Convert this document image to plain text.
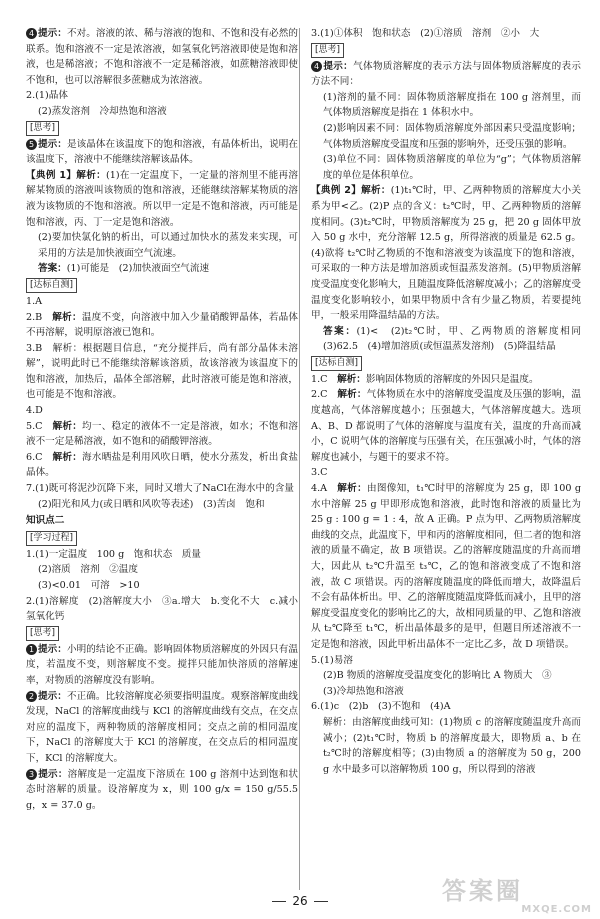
4 提示：不对。溶液的浓、稀与溶液的饱和、不饱和没有必然的联系。饱和溶液不一定是浓溶液，如氢氧化钙溶液即使是饱和溶液，也是稀溶液；不饱和溶液不一定是稀溶液，如蔗糖溶液即使不饱和，也可以溶解很多蔗糖成为浓溶液。
2.(1)晶体
(2)蒸发溶剂　冷却热饱和溶液
[思考]
5 提示：是该晶体在该温度下的饱和溶液，有晶体析出，说明在该温度下，溶液中不能继续溶解该晶体。
【典例 1】解析：(1)在一定温度下，一定量的溶剂里不能再溶解某物质的溶液叫该物质的饱和溶液，还能继续溶解某物质的溶液为该物质的不饱和溶液。所以甲一定是不饱和溶液，丙可能是饱和溶液，丙、丁一定是饱和溶液。
(2)要加快氯化钠的析出，可以通过加快水的蒸发来实现，可采用的方法是加快液面空气流速。
答案：(1)可能是　(2)加快液面空气流速
[达标自测]
1.A
2.B　解析：温度不变，向溶液中加入少量硝酸钾晶体，若晶体不再溶解，说明原溶液已饱和。
3.B　解析：根据题目信息，“充分搅拌后，尚有部分晶体未溶解”，说明此时已不能继续溶解该溶质，故该溶液为该温度下的饱和溶液，加热后，晶体全部溶解，此时溶液可能是饱和溶液，也可能是不饱和溶液。
4.D
5.C　解析：均一、稳定的液体不一定是溶液，如水；不饱和溶液不一定是稀溶液，如不饱和的硝酸钾溶液。
6.C　解析：海水晒盐是利用风吹日晒，使水分蒸发，析出食盐晶体。
7.(1)既可将泥沙沉降下来，同时又增大了NaCl在海水中的含量
(2)阳光和风力(或日晒和风吹等表述)　(3)苦卤　饱和
知识点二
[学习过程]
1.(1)一定温度　100 g　饱和状态　质量
(2)溶质　溶剂　②温度
(3)<0.01　可溶　>10
2.(1)溶解度　(2)溶解度大小　③a.增大　b.变化不大　c.减小　氢氧化钙
[思考]
1 提示：小明的结论不正确。影响固体物质溶解度的外因只有温度，若温度不变，则溶解度不变。搅拌只能加快溶质的溶解速率，对物质的溶解度没有影响。
2 提示：不正确。比较溶解度必须要指明温度。观察溶解度曲线发现，NaCl 的溶解度曲线与 KCl 的溶解度曲线有交点，在交点对应的温度下，两种物质的溶解度相同；交点之前的相同温度下，NaCl 的溶解度大于 KCl 的溶解度，在交点后的相同温度下，KCl 的溶解度大。
3 提示：溶解度是一定温度下溶质在 100 g 溶剂中达到饱和状态时溶解的质量。设溶解度为 x，则 100 g/x = 150 g/55.5 g，x = 37.0 g。
3.(1)①体积　饱和状态　(2)①溶质　溶剂　②小　大
[思考]
4 提示：气体物质溶解度的表示方法与固体物质溶解度的表示方法不同：
(1)溶剂的量不同：固体物质溶解度指在 100 g 溶剂里，而气体物质溶解度是指在 1 体积水中。
(2)影响因素不同：固体物质溶解度外部因素只受温度影响；气体物质溶解度受温度和压强的影响外，还受压强的影响。
(3)单位不同：固体物质溶解度的单位为“g”；气体物质溶解度的单位是体积单位。
【典例 2】解析：(1)t₁℃时，甲、乙两种物质的溶解度大小关系为甲<乙。(2)P 点的含义：t₂℃时，甲、乙两种物质的溶解度相同。(3)t₂℃时，甲物质溶解度为 25 g，把 20 g 固体甲放入 50 g 水中，充分溶解 12.5 g，所得溶液的质量是 62.5 g。(4)欲将 t₂℃时乙物质的不饱和溶液变为该温度下的饱和溶液，可采取的一种方法是增加溶质或恒温蒸发溶剂。(5)甲物质溶解度受温度变化影响大，且随温度降低溶解度减小；乙的溶解度受温度变化影响较小，如果甲物质中含有少量乙物质，若要提纯甲，一般采用降温结晶的方法。
答案：(1)<　(2)t₂℃时，甲、乙两物质的溶解度相同　(3)62.5　(4)增加溶质(或恒温蒸发溶剂)　(5)降温结晶
[达标自测]
1.C　解析：影响固体物质的溶解度的外因只是温度。
2.C　解析：气体物质在水中的溶解度受温度及压强的影响，温度越高，气体溶解度越小；压强越大，气体溶解度越大。选项 A、B、D 都说明了气体的溶解度与温度有关，温度的升高而减小，C 说明气体的溶解度与压强有关，在压强减小时，气体的溶解度也减小，与题干的要求不符。
3.C
4.A　解析：由图像知，t₁℃时甲的溶解度为 25 g，即 100 g 水中溶解 25 g 甲即形成饱和溶液，此时饱和溶液的质量比为 25 g : 100 g = 1 : 4，故 A 正确。P 点为甲、乙两物质溶解度曲线的交点，此温度下，甲和丙的溶解度相同，但二者的饱和溶液的质量不确定，故 B 项错误。乙的溶解度随温度的升高而增大，因此从 t₂℃升温至 t₃℃，乙的饱和溶液变成了不饱和溶液，故 C 项错误。丙的溶解度随温度的降低而增大，故降温后不会有晶体析出。甲、乙的溶解度随温度降低而减小，且甲的溶解度受温度变化的影响比乙的大，故相同质量的甲、乙饱和溶液从 t₂℃降至 t₁℃，析出晶体最多的是甲，但题目所述溶液不一定是饱和溶液，因此甲析出晶体不一定比乙多，故 D 项错误。
5.(1)易溶
(2)B 物质的溶解度受温度变化的影响比 A 物质大　③
(3)冷却热饱和溶液
6.(1)c　(2)b　(3)不饱和　(4)A
解析：由溶解度曲线可知：(1)物质 c 的溶解度随温度升高而减小；(2)t₁℃时，物质 b 的溶解度最大，即物质 a、b 在 t₂℃时的溶解度相等；(3)由物质 a 的溶解度为 50 g，200 g 水中最多可以溶解物质 100 g，所以得到的溶液
26	答案圈
MXQE.COM
